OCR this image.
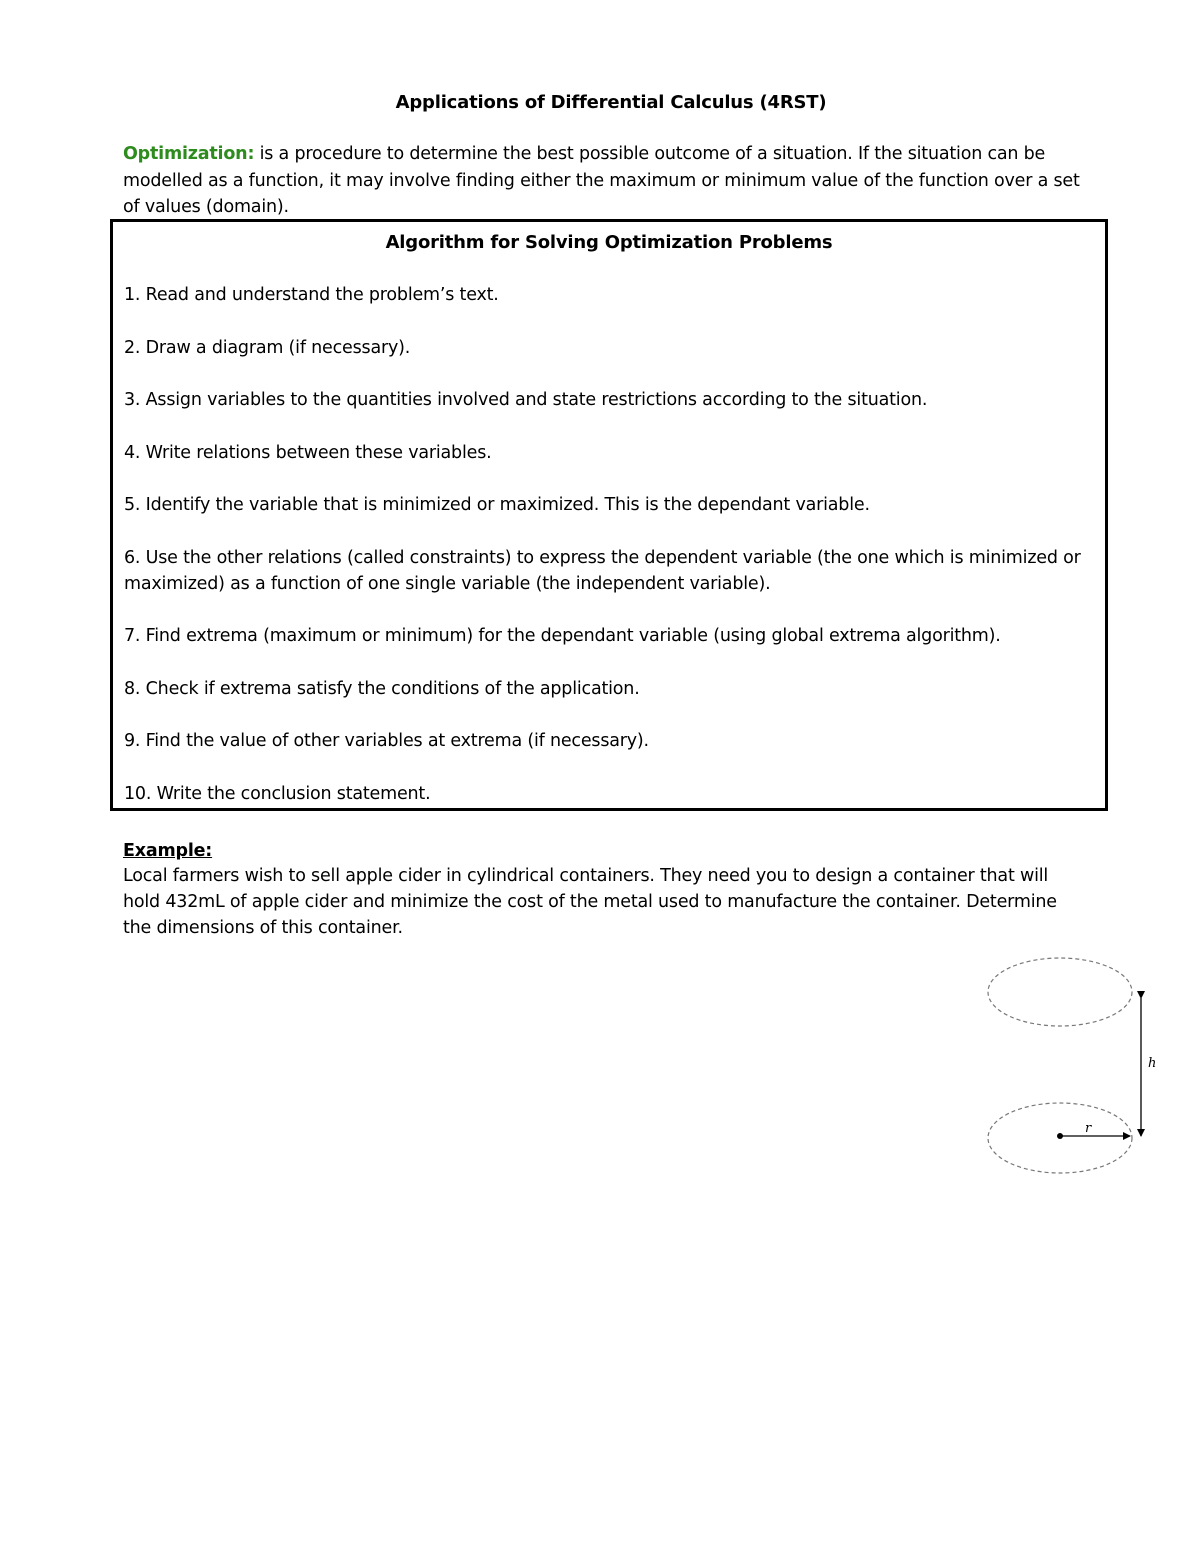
Applications of Differential Calculus (4RST)

Optimization: is a procedure to determine the best possible outcome of a situation. If the situation can be modelled as a function, it may involve finding either the maximum or minimum value of the function over a set of values (domain).

Algorithm for Solving Optimization Problems
1. Read and understand the problem’s text.
2. Draw a diagram (if necessary).
3. Assign variables to the quantities involved and state restrictions according to the situation.
4. Write relations between these variables.
5. Identify the variable that is minimized or maximized. This is the dependant variable.
6. Use the other relations (called constraints) to express the dependent variable (the one which is minimized or maximized) as a function of one single variable (the independent variable).
7. Find extrema (maximum or minimum) for the dependant variable (using global extrema algorithm).
8. Check if extrema satisfy the conditions of the application.
9. Find the value of other variables at extrema (if necessary).
10. Write the conclusion statement.
Example:

Local farmers wish to sell apple cider in cylindrical containers. They need you to design a container that will hold 432mL of apple cider and minimize the cost of the metal used to manufacture the container. Determine the dimensions of this container.

h
r
